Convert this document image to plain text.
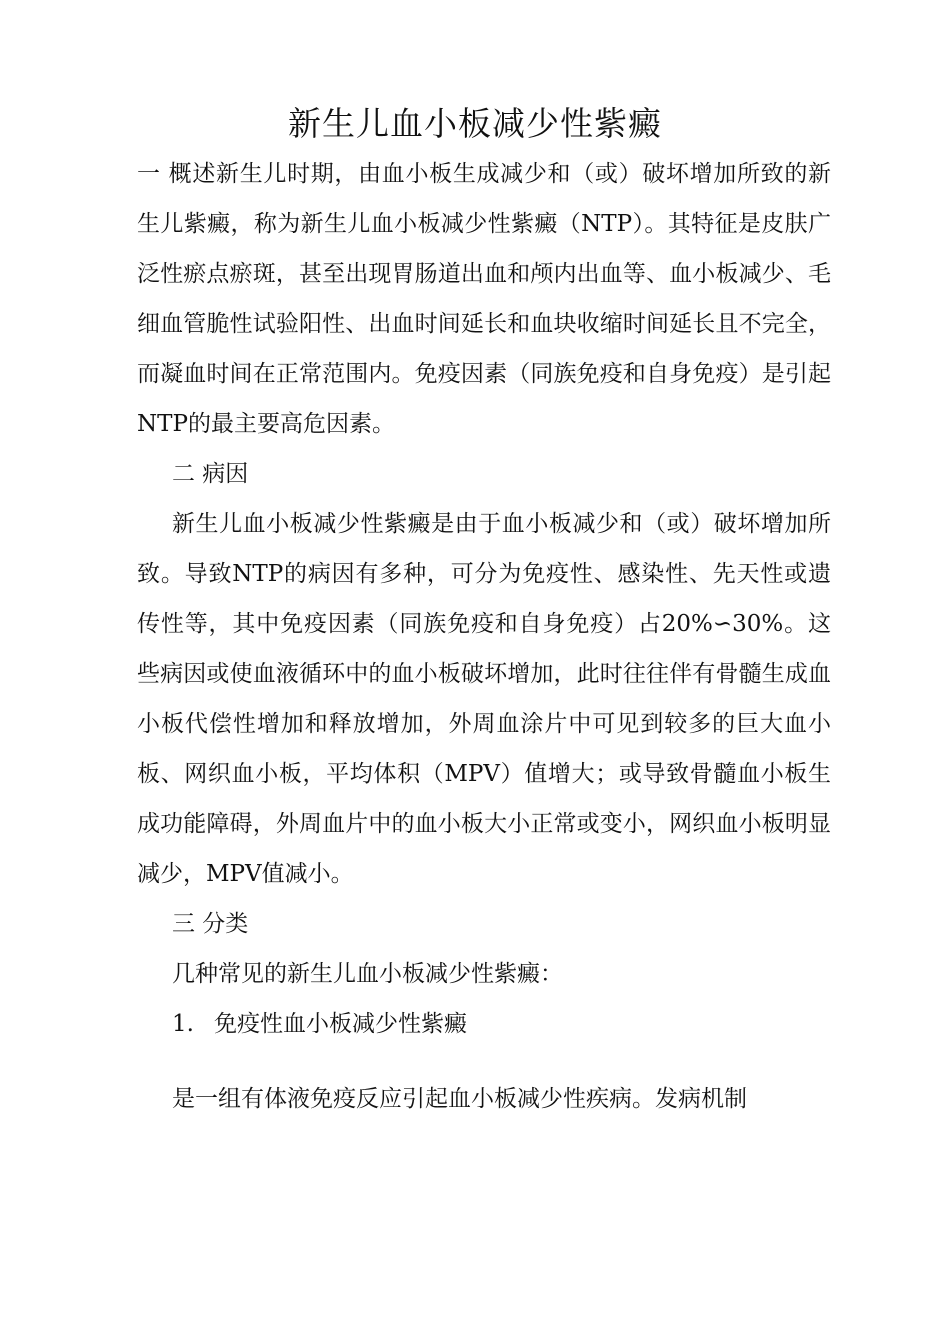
新生儿血小板减少性紫癜

一 概述新生儿时期，由血小板生成减少和（或）破坏增加所致的新生儿紫癜，称为新生儿血小板减少性紫癜（NTP）。其特征是皮肤广泛性瘀点瘀斑，甚至出现胃肠道出血和颅内出血等、血小板减少、毛细血管脆性试验阳性、出血时间延长和血块收缩时间延长且不完全，而凝血时间在正常范围内。免疫因素（同族免疫和自身免疫）是引起NTP的最主要高危因素。

二 病因

新生儿血小板减少性紫癜是由于血小板减少和（或）破坏增加所致。导致NTP的病因有多种，可分为免疫性、感染性、先天性或遗传性等，其中免疫因素（同族免疫和自身免疫）占20%∽30%。这些病因或使血液循环中的血小板破坏增加，此时往往伴有骨髓生成血小板代偿性增加和释放增加，外周血涂片中可见到较多的巨大血小板、网织血小板，平均体积（MPV）值增大；或导致骨髓血小板生成功能障碍，外周血片中的血小板大小正常或变小，网织血小板明显减少，MPV值减小。

三 分类

几种常见的新生儿血小板减少性紫癜：

1. 免疫性血小板减少性紫癜

是一组有体液免疫反应引起血小板减少性疾病。发病机制
